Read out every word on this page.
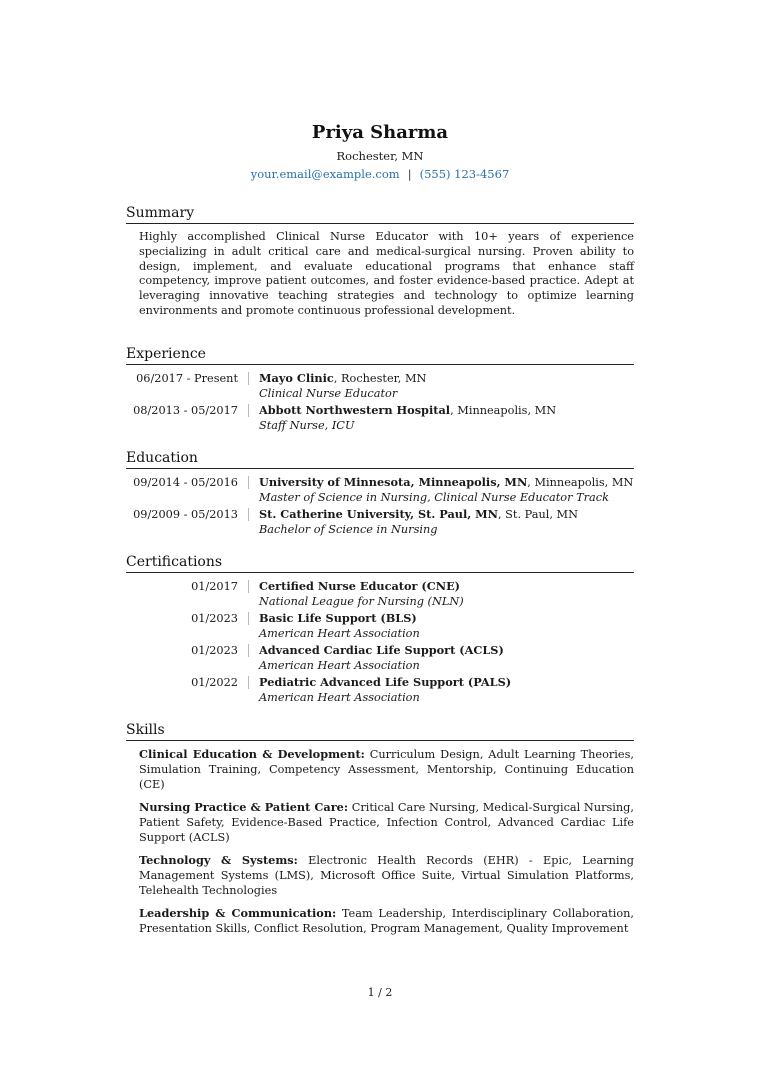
Priya Sharma
Rochester, MN
your.email@example.com | (555) 123-4567
Summary

Highly accomplished Clinical Nurse Educator with 10+ years of experience specializing in adult critical care and medical-surgical nursing. Proven ability to design, implement, and evaluate educational programs that enhance staff competency, improve patient outcomes, and foster evidence-based practice. Adept at leveraging innovative teaching strategies and technology to optimize learning environments and promote continuous professional development.

Experience
06/2017 - Present Mayo Clinic, Rochester, MN
Clinical Nurse Educator
08/2013 - 05/2017 Abbott Northwestern Hospital, Minneapolis, MN
Staff Nurse, ICU
Education
09/2014 - 05/2016 University of Minnesota, Minneapolis, MN, Minneapolis, MN
Master of Science in Nursing, Clinical Nurse Educator Track
09/2009 - 05/2013 St. Catherine University, St. Paul, MN, St. Paul, MN
Bachelor of Science in Nursing
Certifications
01/2017 Certified Nurse Educator (CNE)
National League for Nursing (NLN)
01/2023 Basic Life Support (BLS)
American Heart Association
01/2023 Advanced Cardiac Life Support (ACLS)
American Heart Association
01/2022 Pediatric Advanced Life Support (PALS)
American Heart Association
Skills
Clinical Education & Development: Curriculum Design, Adult Learning Theories, Simulation Training, Competency Assessment, Mentorship, Continuing Education (CE)
Nursing Practice & Patient Care: Critical Care Nursing, Medical-Surgical Nursing, Patient Safety, Evidence-Based Practice, Infection Control, Advanced Cardiac Life Support (ACLS)
Technology & Systems: Electronic Health Records (EHR) - Epic, Learning Management Systems (LMS), Microsoft Office Suite, Virtual Simulation Platforms, Telehealth Technologies
Leadership & Communication: Team Leadership, Interdisciplinary Collaboration, Presentation Skills, Conflict Resolution, Program Management, Quality Improvement
1 / 2
